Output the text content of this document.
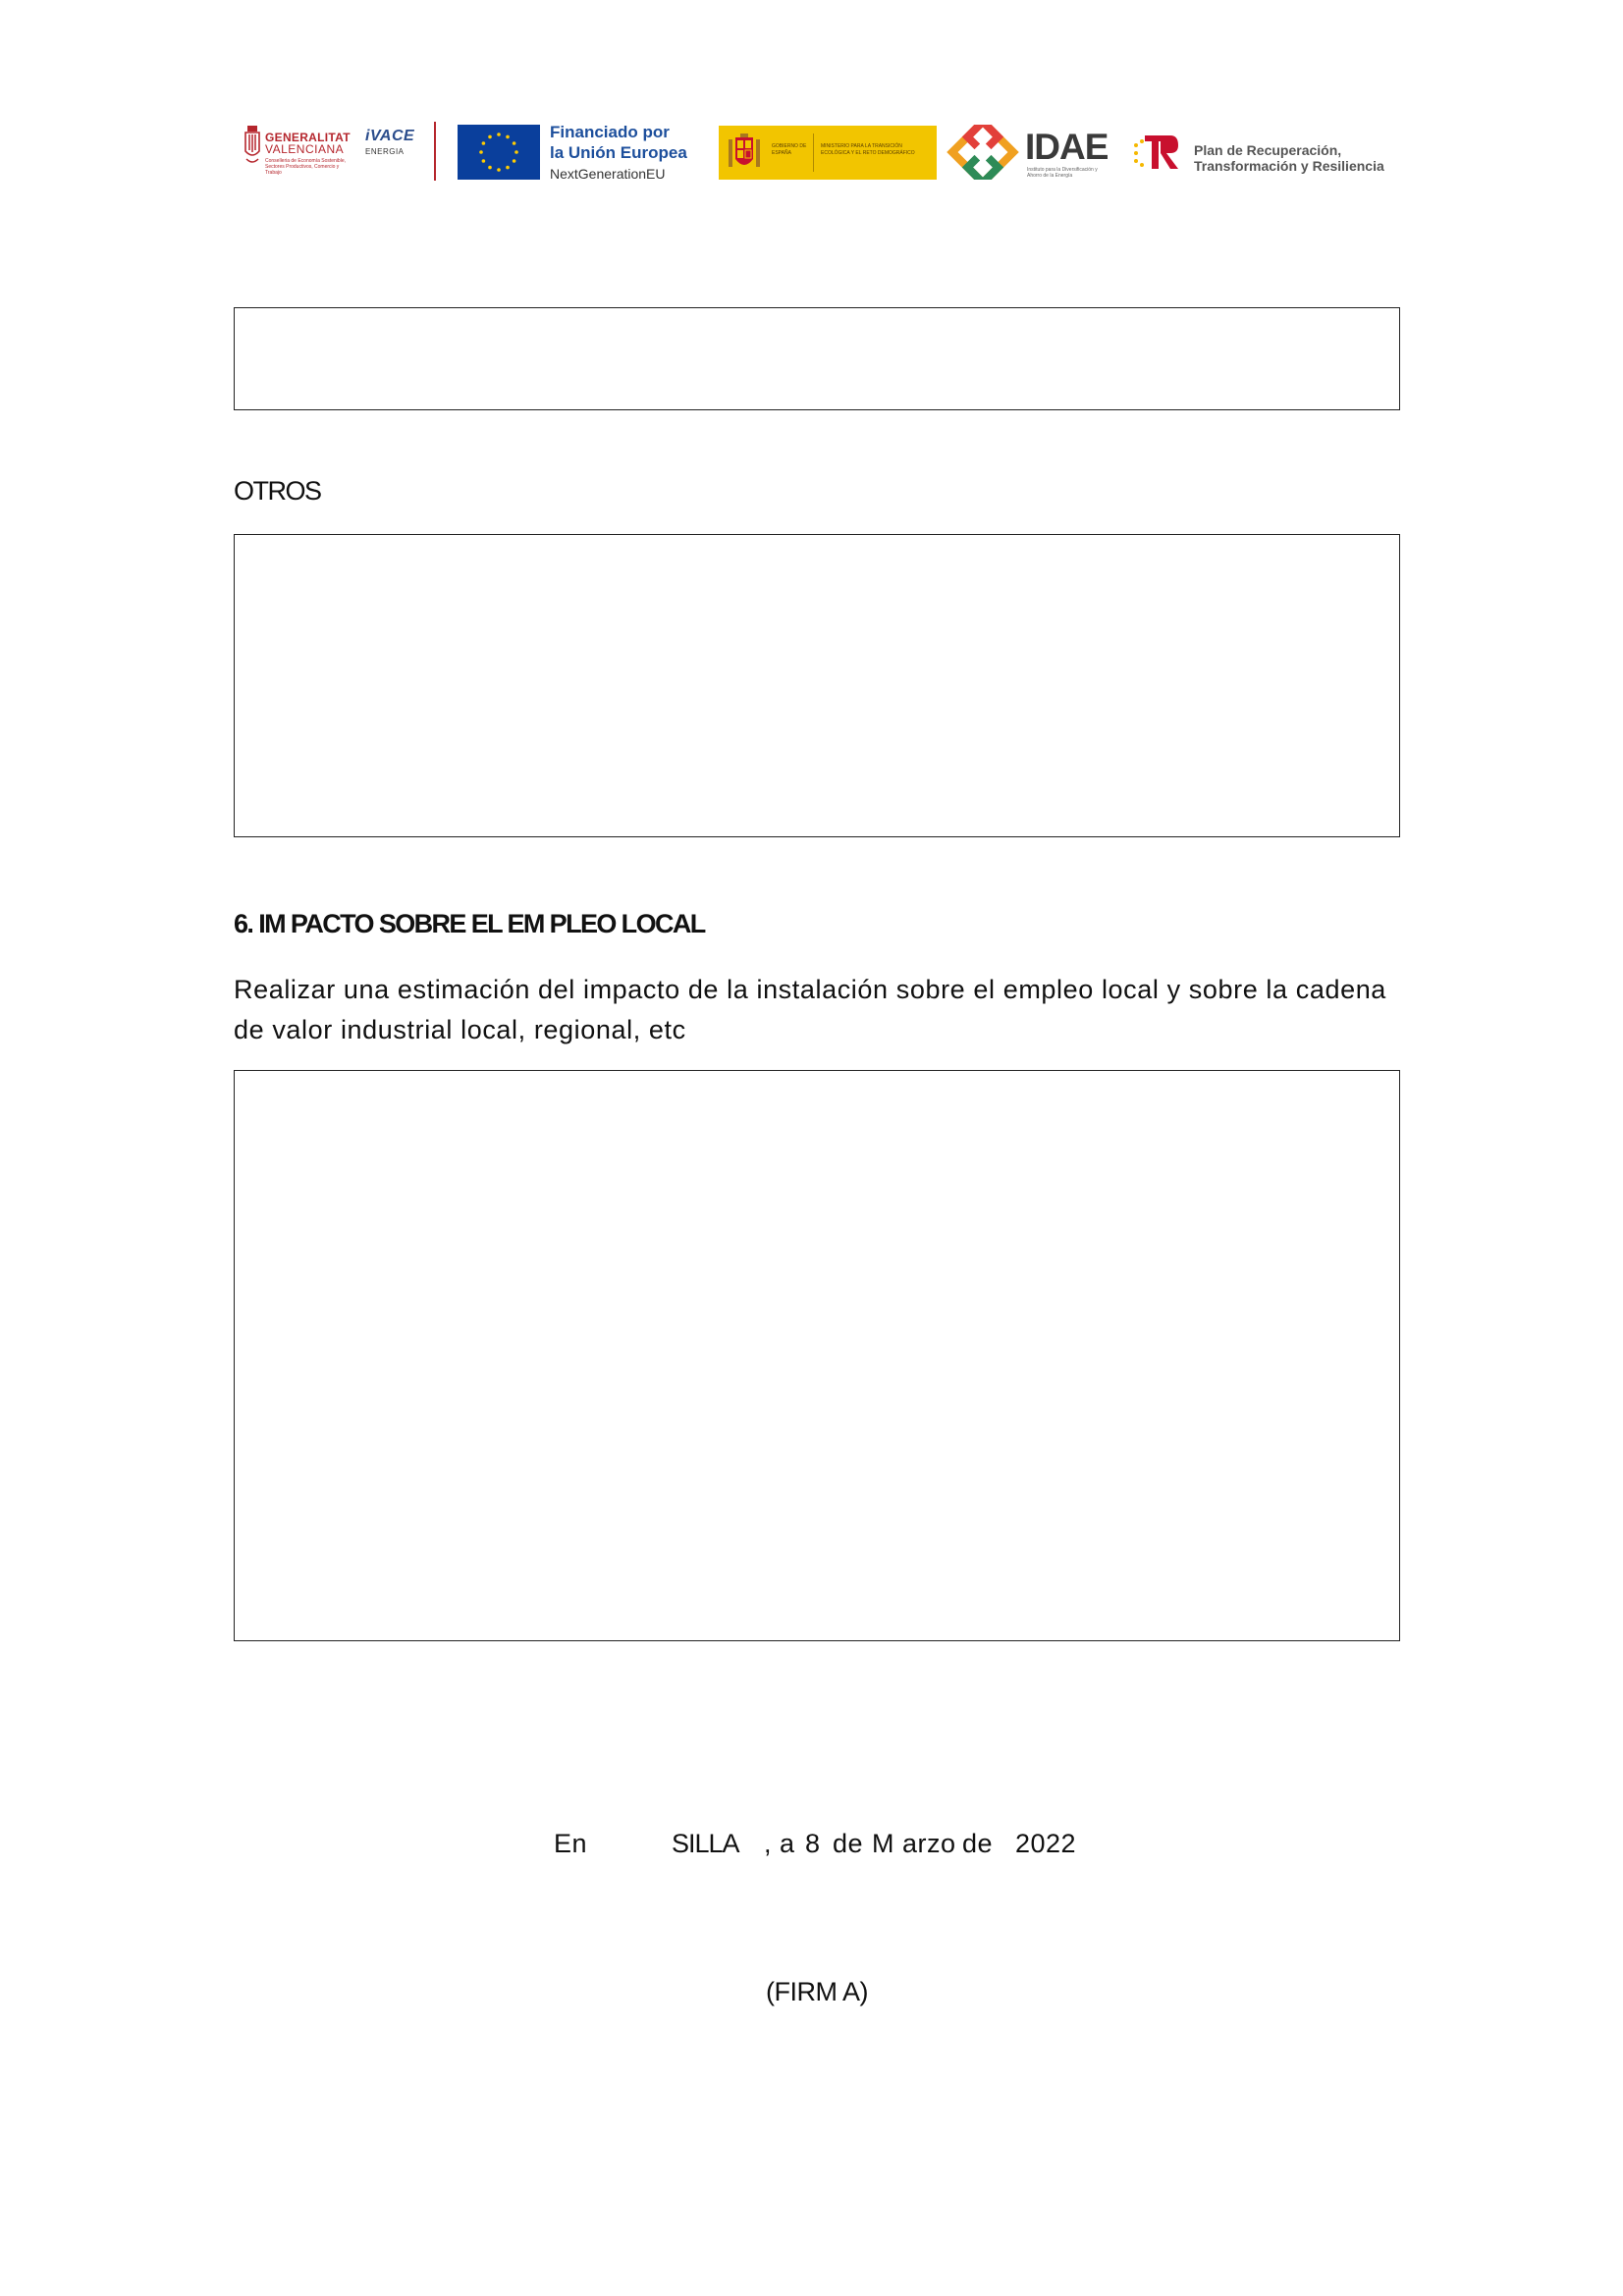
GENERALITAT
VALENCIANA
Conselleria de Economía Sostenible, Sectores Productivos, Comercio y Trabajo
iVACE
ENERGIA
Financiado por
la Unión Europea
NextGenerationEU
GOBIERNO DE ESPAÑA
MINISTERIO PARA LA TRANSICIÓN ECOLÓGICA Y EL RETO DEMOGRÁFICO	IDAE
Instituto para la Diversificación y Ahorro de la Energía
Plan de Recuperación,
Transformación y Resiliencia
OTROS
6. IM PACTO SOBRE EL EM PLEO LOCAL
Realizar una estimación del impacto de la instalación sobre el empleo local y sobre la cadena
de valor industrial local, regional, etc
En	SILLA , a 8 de M arzo de 2022
(FIRM A)
